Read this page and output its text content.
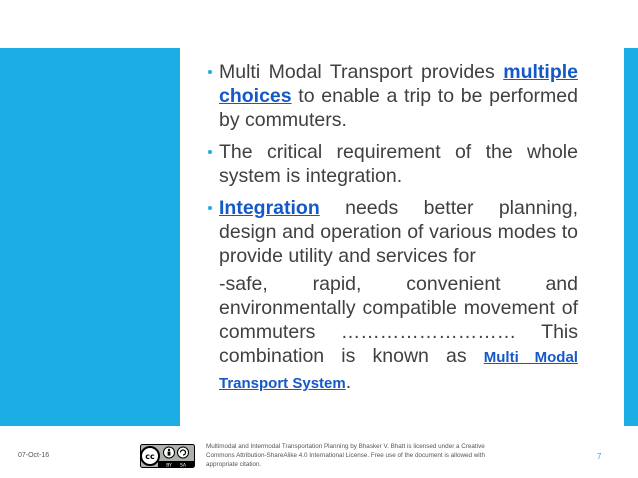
Multi Modal Transport provides multiple choices to enable a trip to be performed by commuters.

The critical requirement of the whole system is integration.

Integration needs better planning, design and operation of various modes to provide utility and services for

-safe, rapid, convenient and environmentally compatible movement of commuters ……………………… This combination is known as Multi Modal Transport System.

07-Oct-16	cc
BY SA
Multimodal and Intermodal Transportation Planning by Bhasker V. Bhatt is licensed under a Creative Commons Attribution-ShareAlike 4.0 International License. Free use of the document is allowed with appropriate citation.
7
